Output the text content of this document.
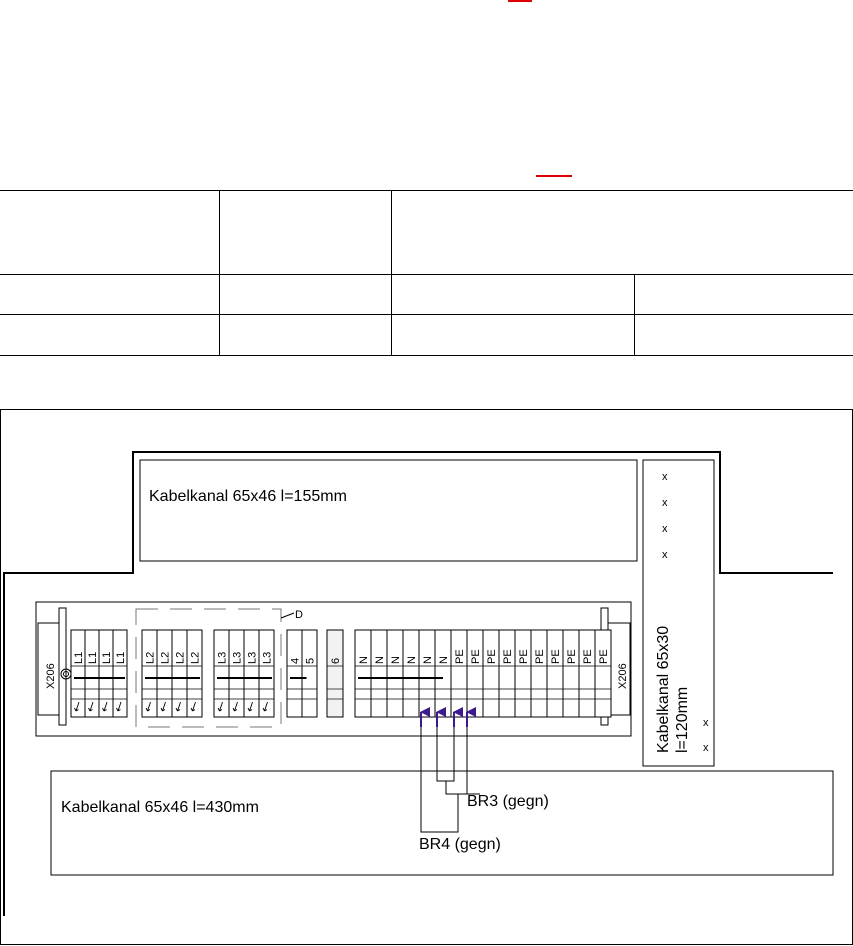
Kabelkanal 65x46 l=155mm
x
x
x
x
x
x
Kabelkanal 65x30 l=120mm
X206	X206
D
L1 L1 L1 L1 L2 L2 L2 L2 L3 L3 L3 L3 4 5 6 N N N N N N PE PE PE PE PE PE PE PE PE PE
Kabelkanal 65x46 l=430mm	BR3 (gegn)
BR4 (gegn)
